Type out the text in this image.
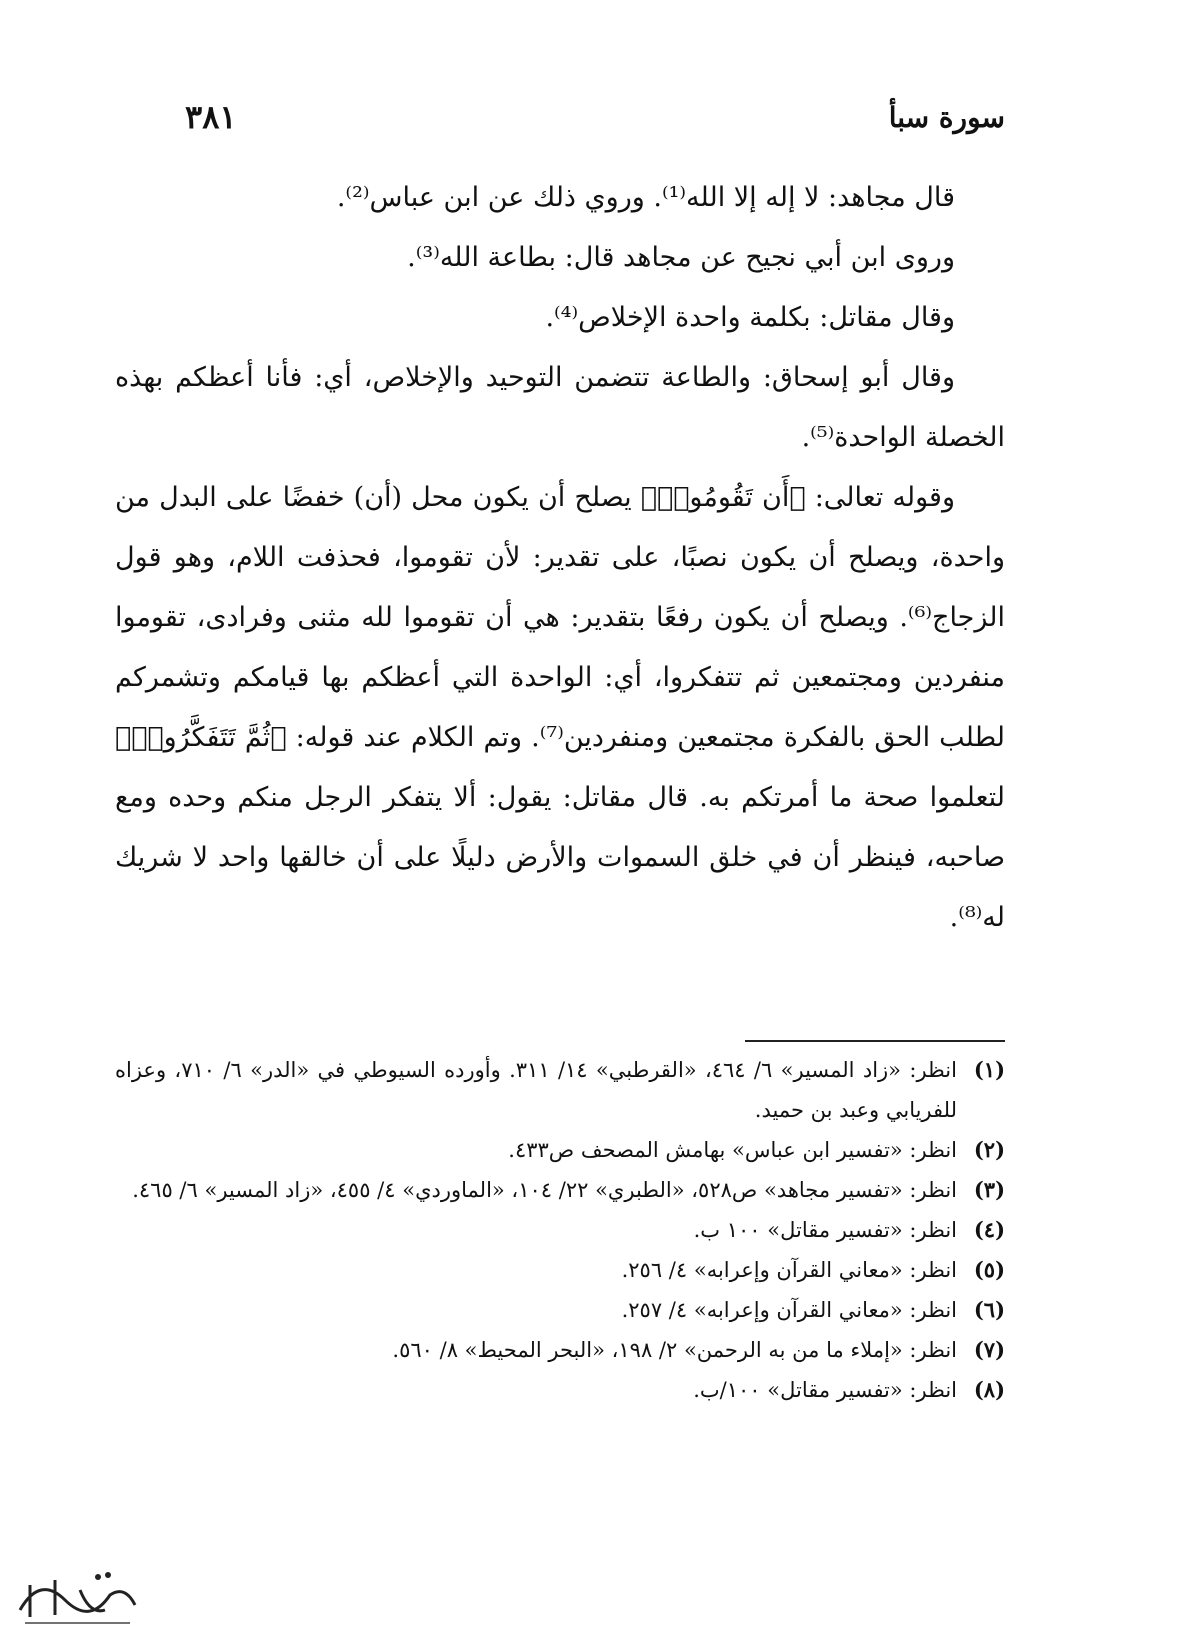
سورة سبأ
٣٨١

قال مجاهد: لا إله إلا الله⁽¹⁾. وروي ذلك عن ابن عباس⁽²⁾.

وروى ابن أبي نجيح عن مجاهد قال: بطاعة الله⁽³⁾.

وقال مقاتل: بكلمة واحدة الإخلاص⁽⁴⁾.

وقال أبو إسحاق: والطاعة تتضمن التوحيد والإخلاص، أي: فأنا أعظكم بهذه الخصلة الواحدة⁽⁵⁾.

وقوله تعالى: ﴿أَن تَقُومُوا۟﴾ يصلح أن يكون محل (أن) خفضًا على البدل من واحدة، ويصلح أن يكون نصبًا، على تقدير: لأن تقوموا، فحذفت اللام، وهو قول الزجاج⁽⁶⁾. ويصلح أن يكون رفعًا بتقدير: هي أن تقوموا لله مثنى وفرادى، تقوموا منفردين ومجتمعين ثم تتفكروا، أي: الواحدة التي أعظكم بها قيامكم وتشمركم لطلب الحق بالفكرة مجتمعين ومنفردين⁽⁷⁾. وتم الكلام عند قوله: ﴿ثُمَّ تَتَفَكَّرُوا۟﴾ لتعلموا صحة ما أمرتكم به. قال مقاتل: يقول: ألا يتفكر الرجل منكم وحده ومع صاحبه، فينظر أن في خلق السموات والأرض دليلًا على أن خالقها واحد لا شريك له⁽⁸⁾.

(١)
انظر: «زاد المسير» ٦/ ٤٦٤، «القرطبي» ١٤/ ٣١١. وأورده السيوطي في «الدر» ٦/ ٧١٠، وعزاه للفريابي وعبد بن حميد.
(٢)
انظر: «تفسير ابن عباس» بهامش المصحف ص٤٣٣.
(٣)
انظر: «تفسير مجاهد» ص٥٢٨، «الطبري» ٢٢/ ١٠٤، «الماوردي» ٤/ ٤٥٥، «زاد المسير» ٦/ ٤٦٥.
(٤)
انظر: «تفسير مقاتل» ١٠٠ ب.
(٥)
انظر: «معاني القرآن وإعرابه» ٤/ ٢٥٦.
(٦)
انظر: «معاني القرآن وإعرابه» ٤/ ٢٥٧.
(٧)
انظر: «إملاء ما من به الرحمن» ٢/ ١٩٨، «البحر المحيط» ٨/ ٥٦٠.
(٨)
انظر: «تفسير مقاتل» ١٠٠/ب.
